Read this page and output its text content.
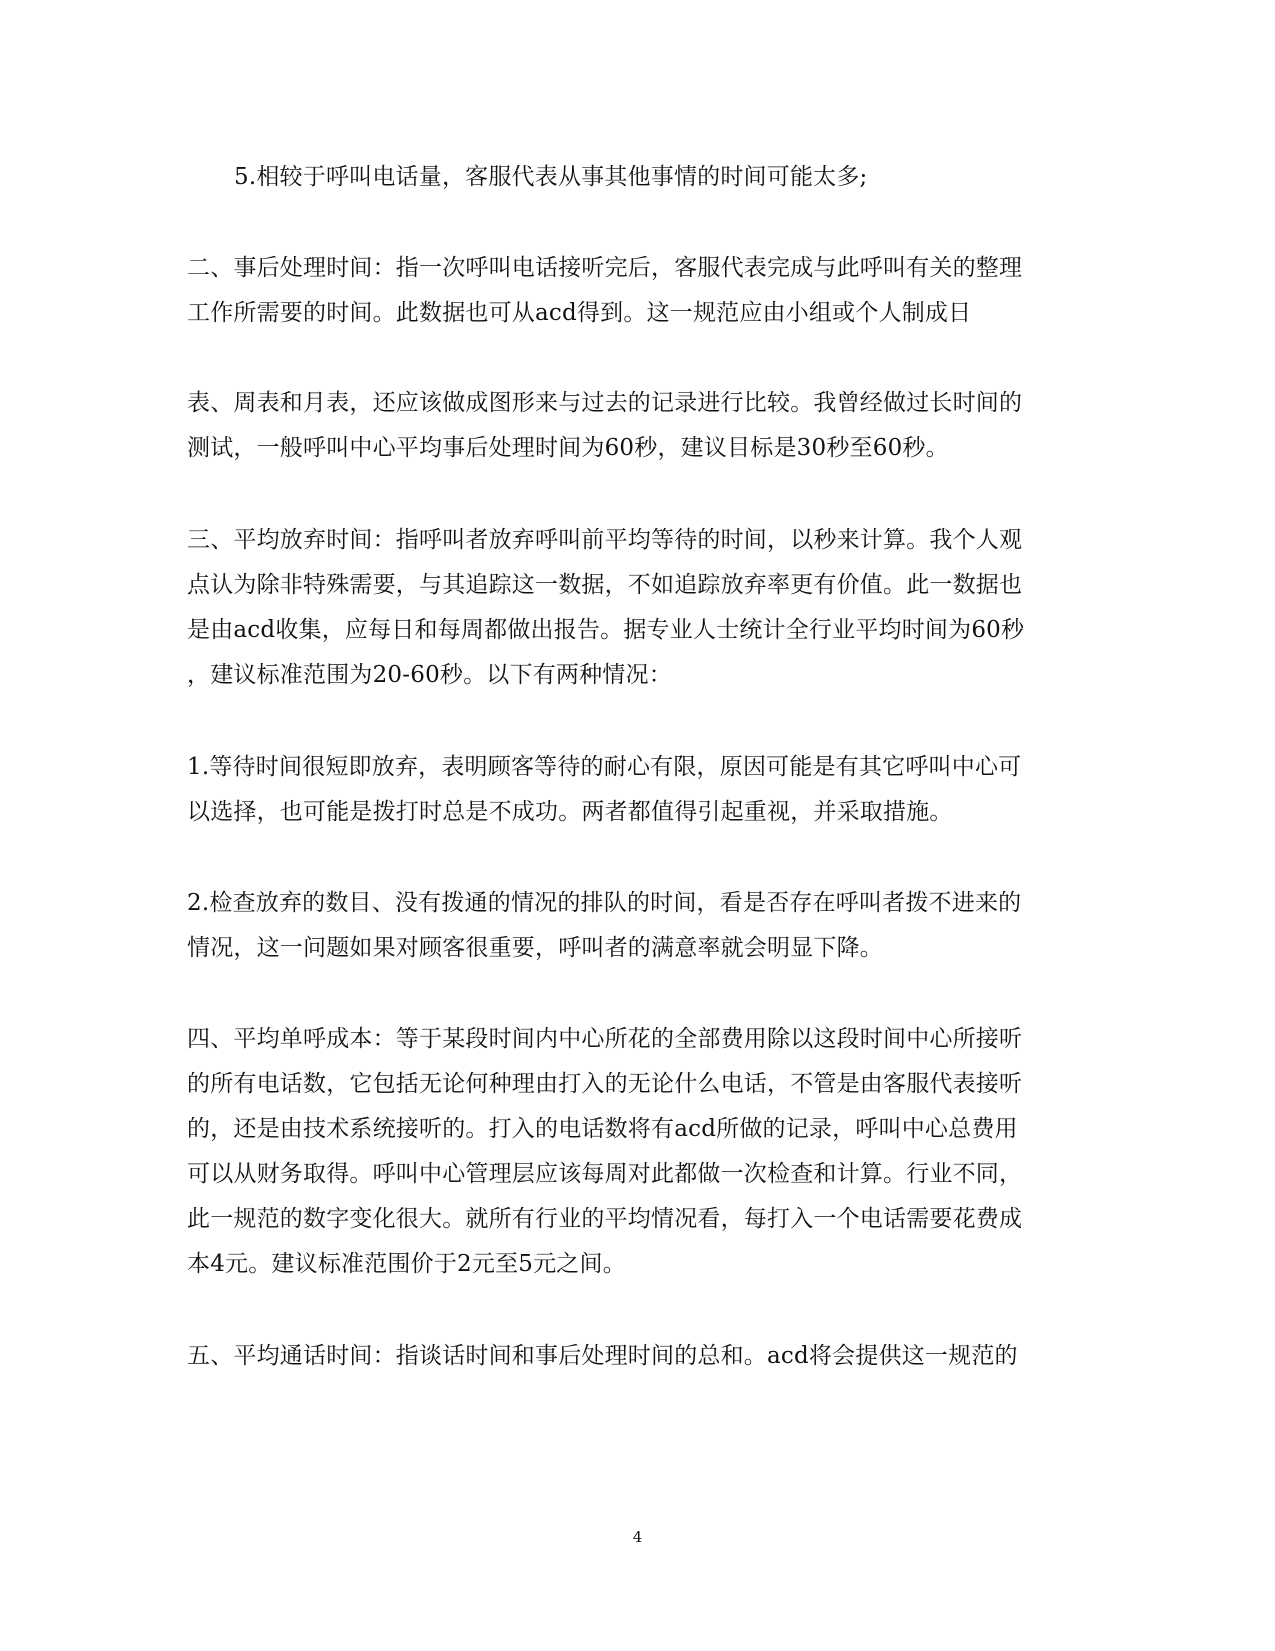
5.相较于呼叫电话量，客服代表从事其他事情的时间可能太多;
二、事后处理时间：指一次呼叫电话接听完后，客服代表完成与此呼叫有关的整理
工作所需要的时间。此数据也可从acd得到。这一规范应由小组或个人制成日
表、周表和月表，还应该做成图形来与过去的记录进行比较。我曾经做过长时间的
测试，一般呼叫中心平均事后处理时间为60秒，建议目标是30秒至60秒。
三、平均放弃时间：指呼叫者放弃呼叫前平均等待的时间，以秒来计算。我个人观
点认为除非特殊需要，与其追踪这一数据，不如追踪放弃率更有价值。此一数据也
是由acd收集，应每日和每周都做出报告。据专业人士统计全行业平均时间为60秒
，建议标准范围为20-60秒。以下有两种情况：
1.等待时间很短即放弃，表明顾客等待的耐心有限，原因可能是有其它呼叫中心可
以选择，也可能是拨打时总是不成功。两者都值得引起重视，并采取措施。
2.检查放弃的数目、没有拨通的情况的排队的时间，看是否存在呼叫者拨不进来的
情况，这一问题如果对顾客很重要，呼叫者的满意率就会明显下降。
四、平均单呼成本：等于某段时间内中心所花的全部费用除以这段时间中心所接听
的所有电话数，它包括无论何种理由打入的无论什么电话，不管是由客服代表接听
的，还是由技术系统接听的。打入的电话数将有acd所做的记录，呼叫中心总费用
可以从财务取得。呼叫中心管理层应该每周对此都做一次检查和计算。行业不同，
此一规范的数字变化很大。就所有行业的平均情况看，每打入一个电话需要花费成
本4元。建议标准范围价于2元至5元之间。
五、平均通话时间：指谈话时间和事后处理时间的总和。acd将会提供这一规范的
4
